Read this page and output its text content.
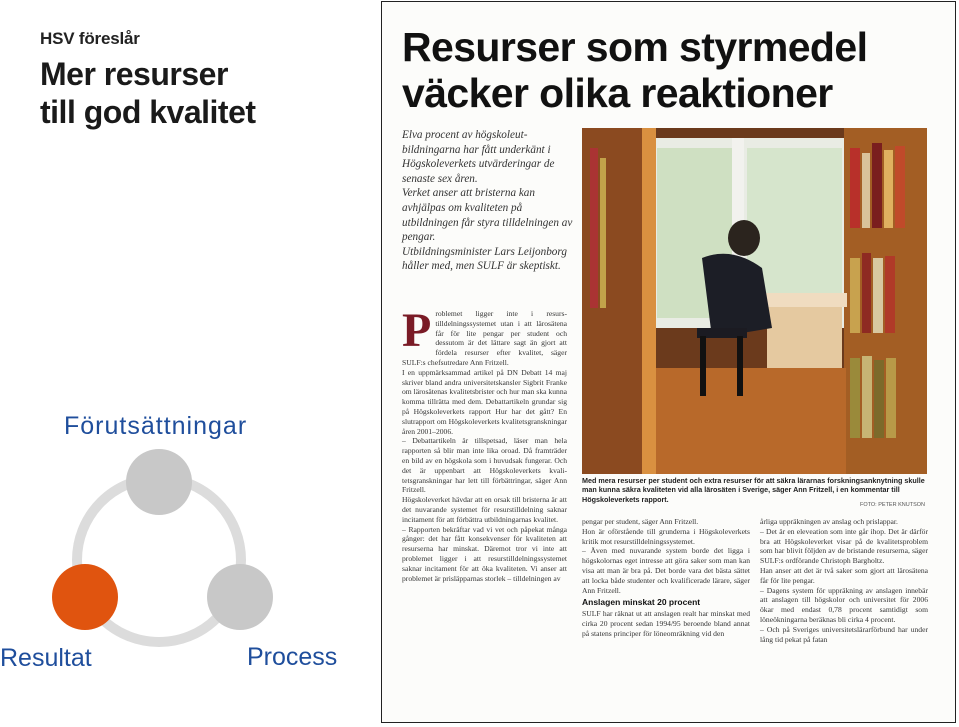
HSV föreslår
Mer resurser
till god kvalitet
Förutsättningar
Resultat	Process
Resurser som styrmedel
väcker olika reaktioner

Elva procent av högskoleutbildningarna har fått underkänt i Högskoleverkets utvärderingar de senaste sex åren.

Verket anser att bristerna kan avhjälpas om kvaliteten på utbildningen får styra tilldelningen av pengar.

Utbildningsminister Lars Leijonborg håller med, men SULF är skeptiskt.

P roblemet ligger inte i resurstilldelningssystemet utan i att lärosätena får för lite pengar per student och dessutom är det lättare sagt än gjort att fördela resurser efter kvalitet, säger SULF:s chefsutredare Ann Fritzell.

I en uppmärksammad artikel på DN Debatt 14 maj skriver bland andra universitetskansler Sigbrit Franke om lärosätenas kvalitetsbrister och hur man ska kunna komma tillrätta med dem. Debattartikeln grundar sig på Högskoleverkets rapport Hur har det gått? En slutrapport om Högskoleverkets kvalitetsgranskningar åren 2001–2006.

– Debattartikeln är tillspetsad, läser man hela rapporten så blir man inte lika oroad. Då framträder en bild av en högskola som i huvudsak fungerar. Och det är uppenbart att Högskoleverkets kvalitetsgranskningar har lett till förbättringar, säger Ann Fritzell.

Högskoleverket hävdar att en orsak till bristerna är att det nuvarande systemet för resurstilldelning saknar incitament för att förbättra utbildningarnas kvalitet.

– Rapporten bekräftar vad vi vet och påpekat många gånger: det har fått konsekvenser för kvaliteten att resurserna har minskat. Däremot tror vi inte att problemet ligger i att resurstilldelningssystemet saknar incitament för att öka kvaliteten. Vi anser att problemet är prisläpparnas storlek – tilldelningen av

Med mera resurser per student och extra resurser för att säkra lärarnas forskningsanknytning skulle man kunna säkra kvaliteten vid alla lärosäten i Sverige, säger Ann Fritzell, i en kommentar till Högskoleverkets rapport.
FOTO: PETER KNUTSON

pengar per student, säger Ann Fritzell.

Hon är oförstående till grunderna i Högskoleverkets kritik mot resurstilldelningssystemet.

– Även med nuvarande system borde det ligga i högskolornas eget intresse att göra saker som man kan visa att man är bra på. Det borde vara det bästa sättet att locka både studenter och kvalificerade lärare, säger Ann Fritzell.

Anslagen minskat 20 procent

SULF har räknat ut att anslagen realt har minskat med cirka 20 procent sedan 1994/95 beroende bland annat på statens principer för löneomräkning vid den

årliga uppräkningen av anslag och prislappar.

– Det är en eleveation som inte går ihop. Det är därför bra att Högskoleverket visar på de kvalitetsproblem som har blivit följden av de bristande resurserna, säger SULF:s ordförande Christoph Bargholtz.

Han anser att det är två saker som gjort att lärosätena får för lite pengar.

– Dagens system för uppräkning av anslagen innebär att anslagen till högskolor och universitet för 2006 ökar med endast 0,78 procent samtidigt som löneökningarna beräknas bli cirka 4 procent.

– Och på Sveriges universitetslärarförbund har under lång tid pekat på fatan
